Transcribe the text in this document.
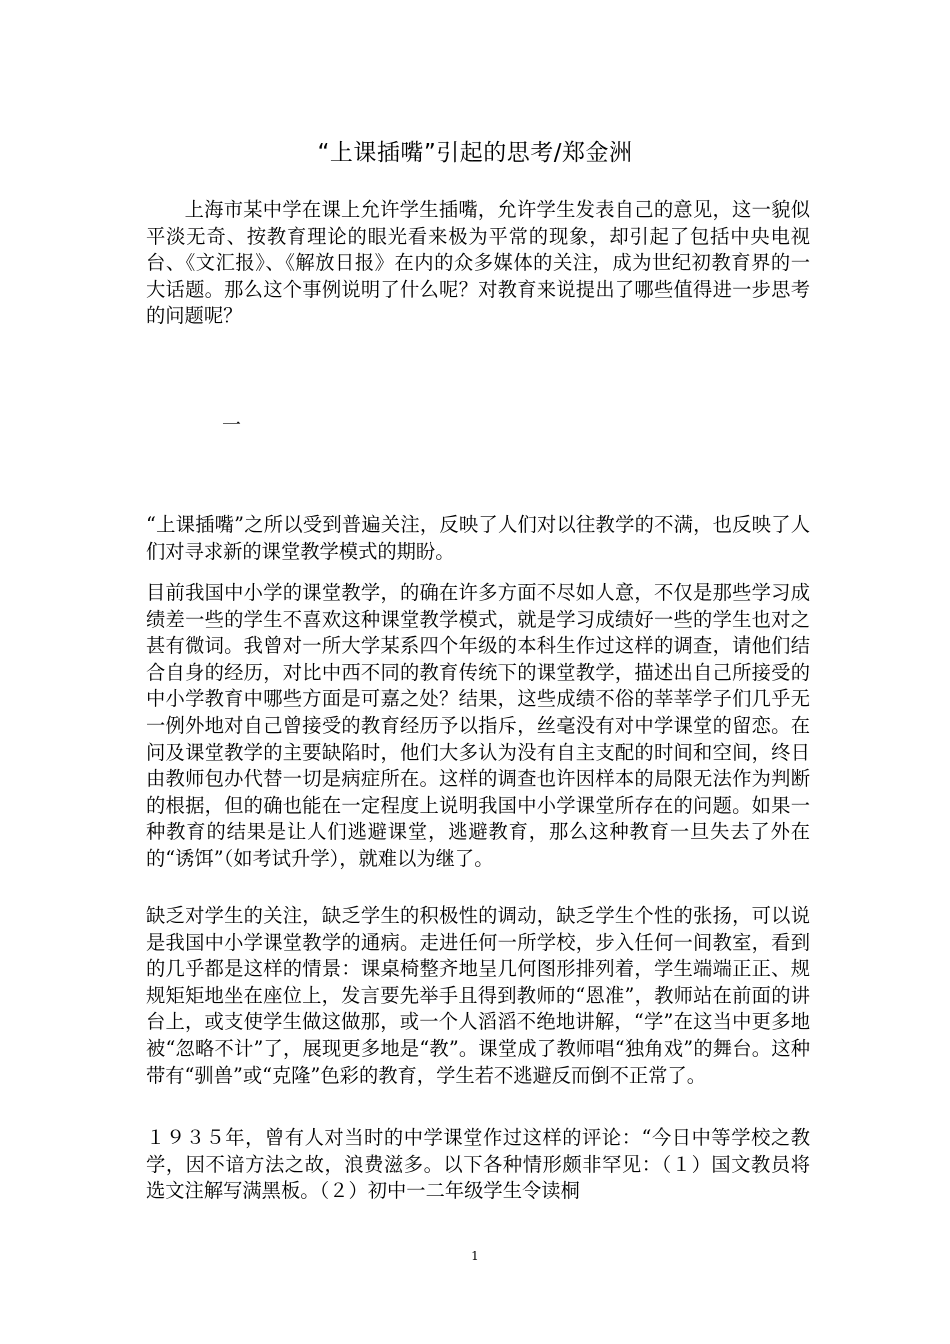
“上课插嘴”引起的思考/郑金洲

上海市某中学在课上允许学生插嘴，允许学生发表自己的意见，这一貌似平淡无奇、按教育理论的眼光看来极为平常的现象，却引起了包括中央电视台、《文汇报》、《解放日报》在内的众多媒体的关注，成为世纪初教育界的一大话题。那么这个事例说明了什么呢？对教育来说提出了哪些值得进一步思考的问题呢？

一

“上课插嘴”之所以受到普遍关注，反映了人们对以往教学的不满，也反映了人们对寻求新的课堂教学模式的期盼。

目前我国中小学的课堂教学，的确在许多方面不尽如人意，不仅是那些学习成绩差一些的学生不喜欢这种课堂教学模式，就是学习成绩好一些的学生也对之甚有微词。我曾对一所大学某系四个年级的本科生作过这样的调查，请他们结合自身的经历，对比中西不同的教育传统下的课堂教学，描述出自己所接受的中小学教育中哪些方面是可嘉之处？结果，这些成绩不俗的莘莘学子们几乎无一例外地对自己曾接受的教育经历予以指斥，丝毫没有对中学课堂的留恋。在问及课堂教学的主要缺陷时，他们大多认为没有自主支配的时间和空间，终日由教师包办代替一切是病症所在。这样的调查也许因样本的局限无法作为判断的根据，但的确也能在一定程度上说明我国中小学课堂所存在的问题。如果一种教育的结果是让人们逃避课堂，逃避教育，那么这种教育一旦失去了外在的“诱饵”（如考试升学），就难以为继了。

缺乏对学生的关注，缺乏学生的积极性的调动，缺乏学生个性的张扬，可以说是我国中小学课堂教学的通病。走进任何一所学校，步入任何一间教室，看到的几乎都是这样的情景：课桌椅整齐地呈几何图形排列着，学生端端正正、规规矩矩地坐在座位上，发言要先举手且得到教师的“恩准”，教师站在前面的讲台上，或支使学生做这做那，或一个人滔滔不绝地讲解，“学”在这当中更多地被“忽略不计”了，展现更多地是“教”。课堂成了教师唱“独角戏”的舞台。这种带有“驯兽”或“克隆”色彩的教育，学生若不逃避反而倒不正常了。

１９３５年，曾有人对当时的中学课堂作过这样的评论：“今日中等学校之教学，因不谙方法之故，浪费滋多。以下各种情形颇非罕见：（１）国文教员将选文注解写满黑板。（２）初中一二年级学生令读桐

1
